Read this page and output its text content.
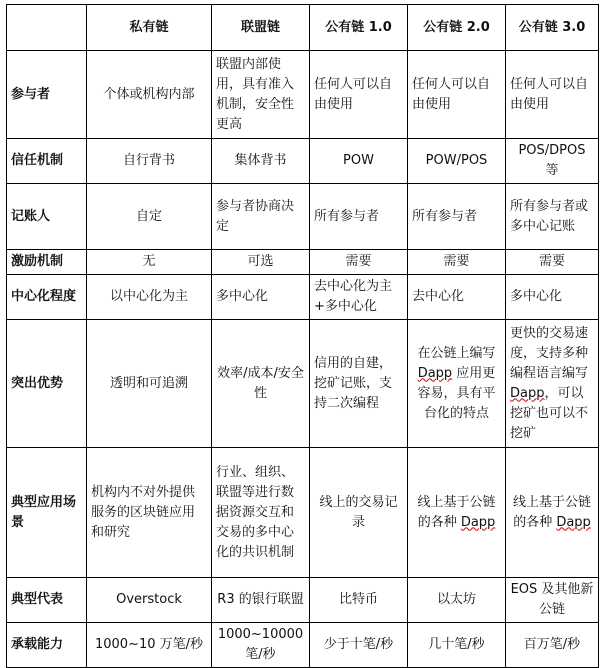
	私有链	联盟链	公有链 1.0	公有链 2.0	公有链 3.0
参与者	个体或机构内部	联盟内部使用，具有准入机制，安全性更高	任何人可以自由使用	任何人可以自由使用	任何人可以自由使用
信任机制	自行背书	集体背书	POW	POW/POS	POS/DPOS 等
记账人	自定	参与者协商决定	所有参与者	所有参与者	所有参与者或多中心记账
激励机制	无	可选	需要	需要	需要
中心化程度	以中心化为主	多中心化	去中心化为主+多中心化	去中心化	多中心化
突出优势	透明和可追溯	效率/成本/安全性	信用的自建，挖矿记账，支持二次编程	在公链上编写 Dapp 应用更容易，具有平台化的特点	更快的交易速度，支持多种编程语言编写 Dapp，可以挖矿也可以不挖矿
典型应用场景	机构内不对外提供服务的区块链应用和研究	行业、组织、联盟等进行数据资源交互和交易的多中心化的共识机制	线上的交易记录	线上基于公链的各种 Dapp	线上基于公链的各种 Dapp
典型代表	Overstock	R3 的银行联盟	比特币	以太坊	EOS 及其他新公链
承载能力	1000~10 万笔/秒	1000~10000 笔/秒	少于十笔/秒	几十笔/秒	百万笔/秒
